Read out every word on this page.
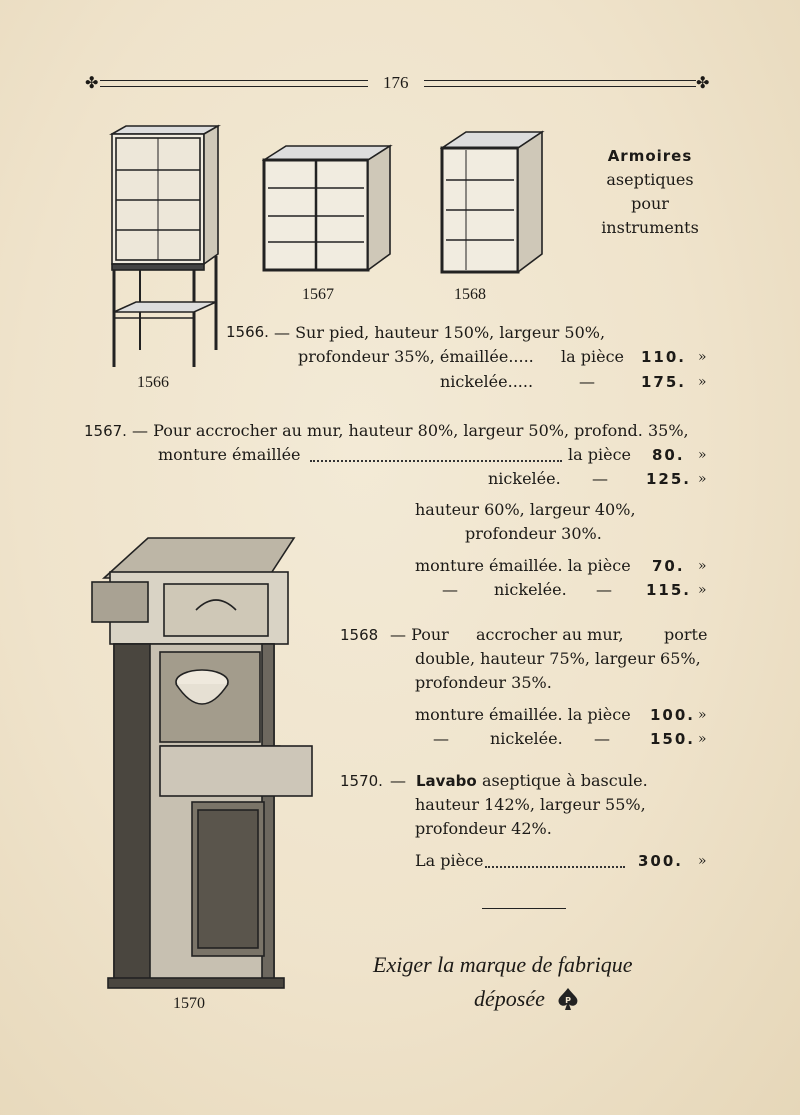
✤	176	✤
1567	1568
1566
Armoires
aseptiques
pour
instruments
1566. — Sur pied, hauteur 150%, largeur 50%,
profondeur 35%, émaillée..... la pièce 110. »
nickelée.....	—	175. »
1567. — Pour accrocher au mur, hauteur 80%, largeur 50%, profond. 35%,
monture émaillée	la pièce 80. »
nickelée. —	125. »
hauteur 60%, largeur 40%,
profondeur 30%.
monture émaillée. la pièce 70. »
— nickelée. — 115. »
1568 — Pour accrocher au mur,	porte
double, hauteur 75%, largeur 65%,
profondeur 35%.
monture émaillée. la pièce 100. »
—	nickelée. —	150. »
1570. — Lavabo aseptique à bascule.
hauteur 142%, largeur 55%,
profondeur 42%.
La pièce	300. »
1570
Exiger la marque de fabrique
déposée	P
